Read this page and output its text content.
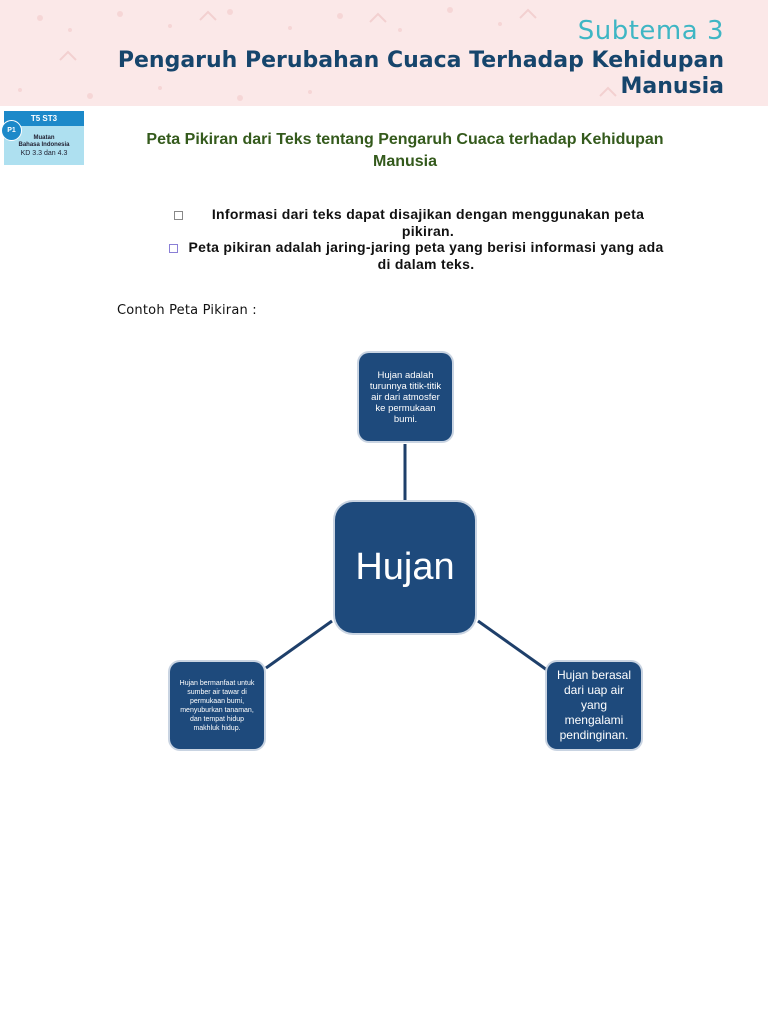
Subtema 3
Pengaruh Perubahan Cuaca Terhadap Kehidupan
Manusia
T5 ST3
P1
Muatan
Bahasa Indonesia
KD 3.3 dan 4.3
Peta Pikiran dari Teks tentang Pengaruh Cuaca terhadap Kehidupan Manusia
Informasi dari teks dapat disajikan dengan menggunakan peta pikiran.
Peta pikiran adalah jaring-jaring peta yang berisi informasi yang ada di dalam teks.
Contoh Peta Pikiran :
Hujan adalah turunnya titik-titik air dari atmosfer ke permukaan bumi.
Hujan
Hujan bermanfaat untuk sumber air tawar di permukaan bumi, menyuburkan tanaman, dan tempat hidup makhluk hidup.
Hujan berasal dari uap air yang mengalami pendinginan.
